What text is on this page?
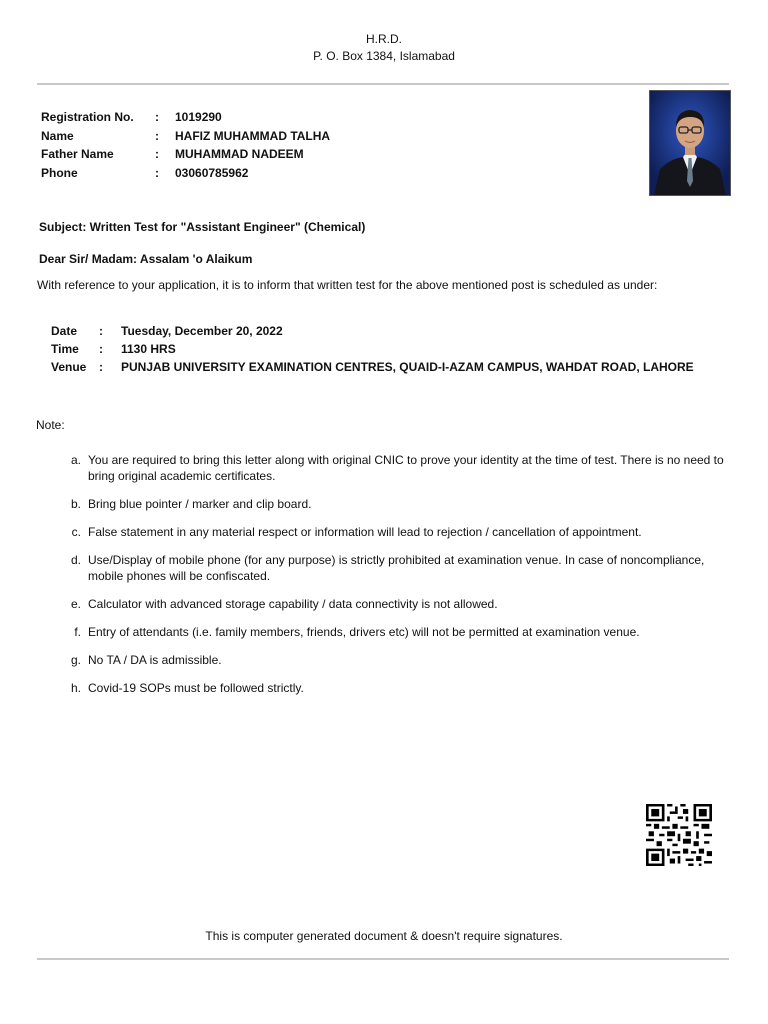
H.R.D.
P. O. Box 1384, Islamabad
Registration No.	:	1019290
Name	:	HAFIZ MUHAMMAD TALHA
Father Name	:	MUHAMMAD NADEEM
Phone	:	03060785962
Subject: Written Test for "Assistant Engineer" (Chemical)
Dear Sir/ Madam: Assalam 'o Alaikum
With reference to your application, it is to inform that written test for the above mentioned post is scheduled as under:
Date	:	Tuesday, December 20, 2022
Time	:	1130 HRS
Venue	:	PUNJAB UNIVERSITY EXAMINATION CENTRES, QUAID-I-AZAM CAMPUS, WAHDAT ROAD, LAHORE
Note:
a. You are required to bring this letter along with original CNIC to prove your identity at the time of test. There is no need to bring original academic certificates.
b. Bring blue pointer / marker and clip board.
c. False statement in any material respect or information will lead to rejection / cancellation of appointment.
d. Use/Display of mobile phone (for any purpose) is strictly prohibited at examination venue. In case of noncompliance, mobile phones will be confiscated.
e. Calculator with advanced storage capability / data connectivity is not allowed.
f. Entry of attendants (i.e. family members, friends, drivers etc) will not be permitted at examination venue.
g. No TA / DA is admissible.
h. Covid-19 SOPs must be followed strictly.
This is computer generated document & doesn't require signatures.
